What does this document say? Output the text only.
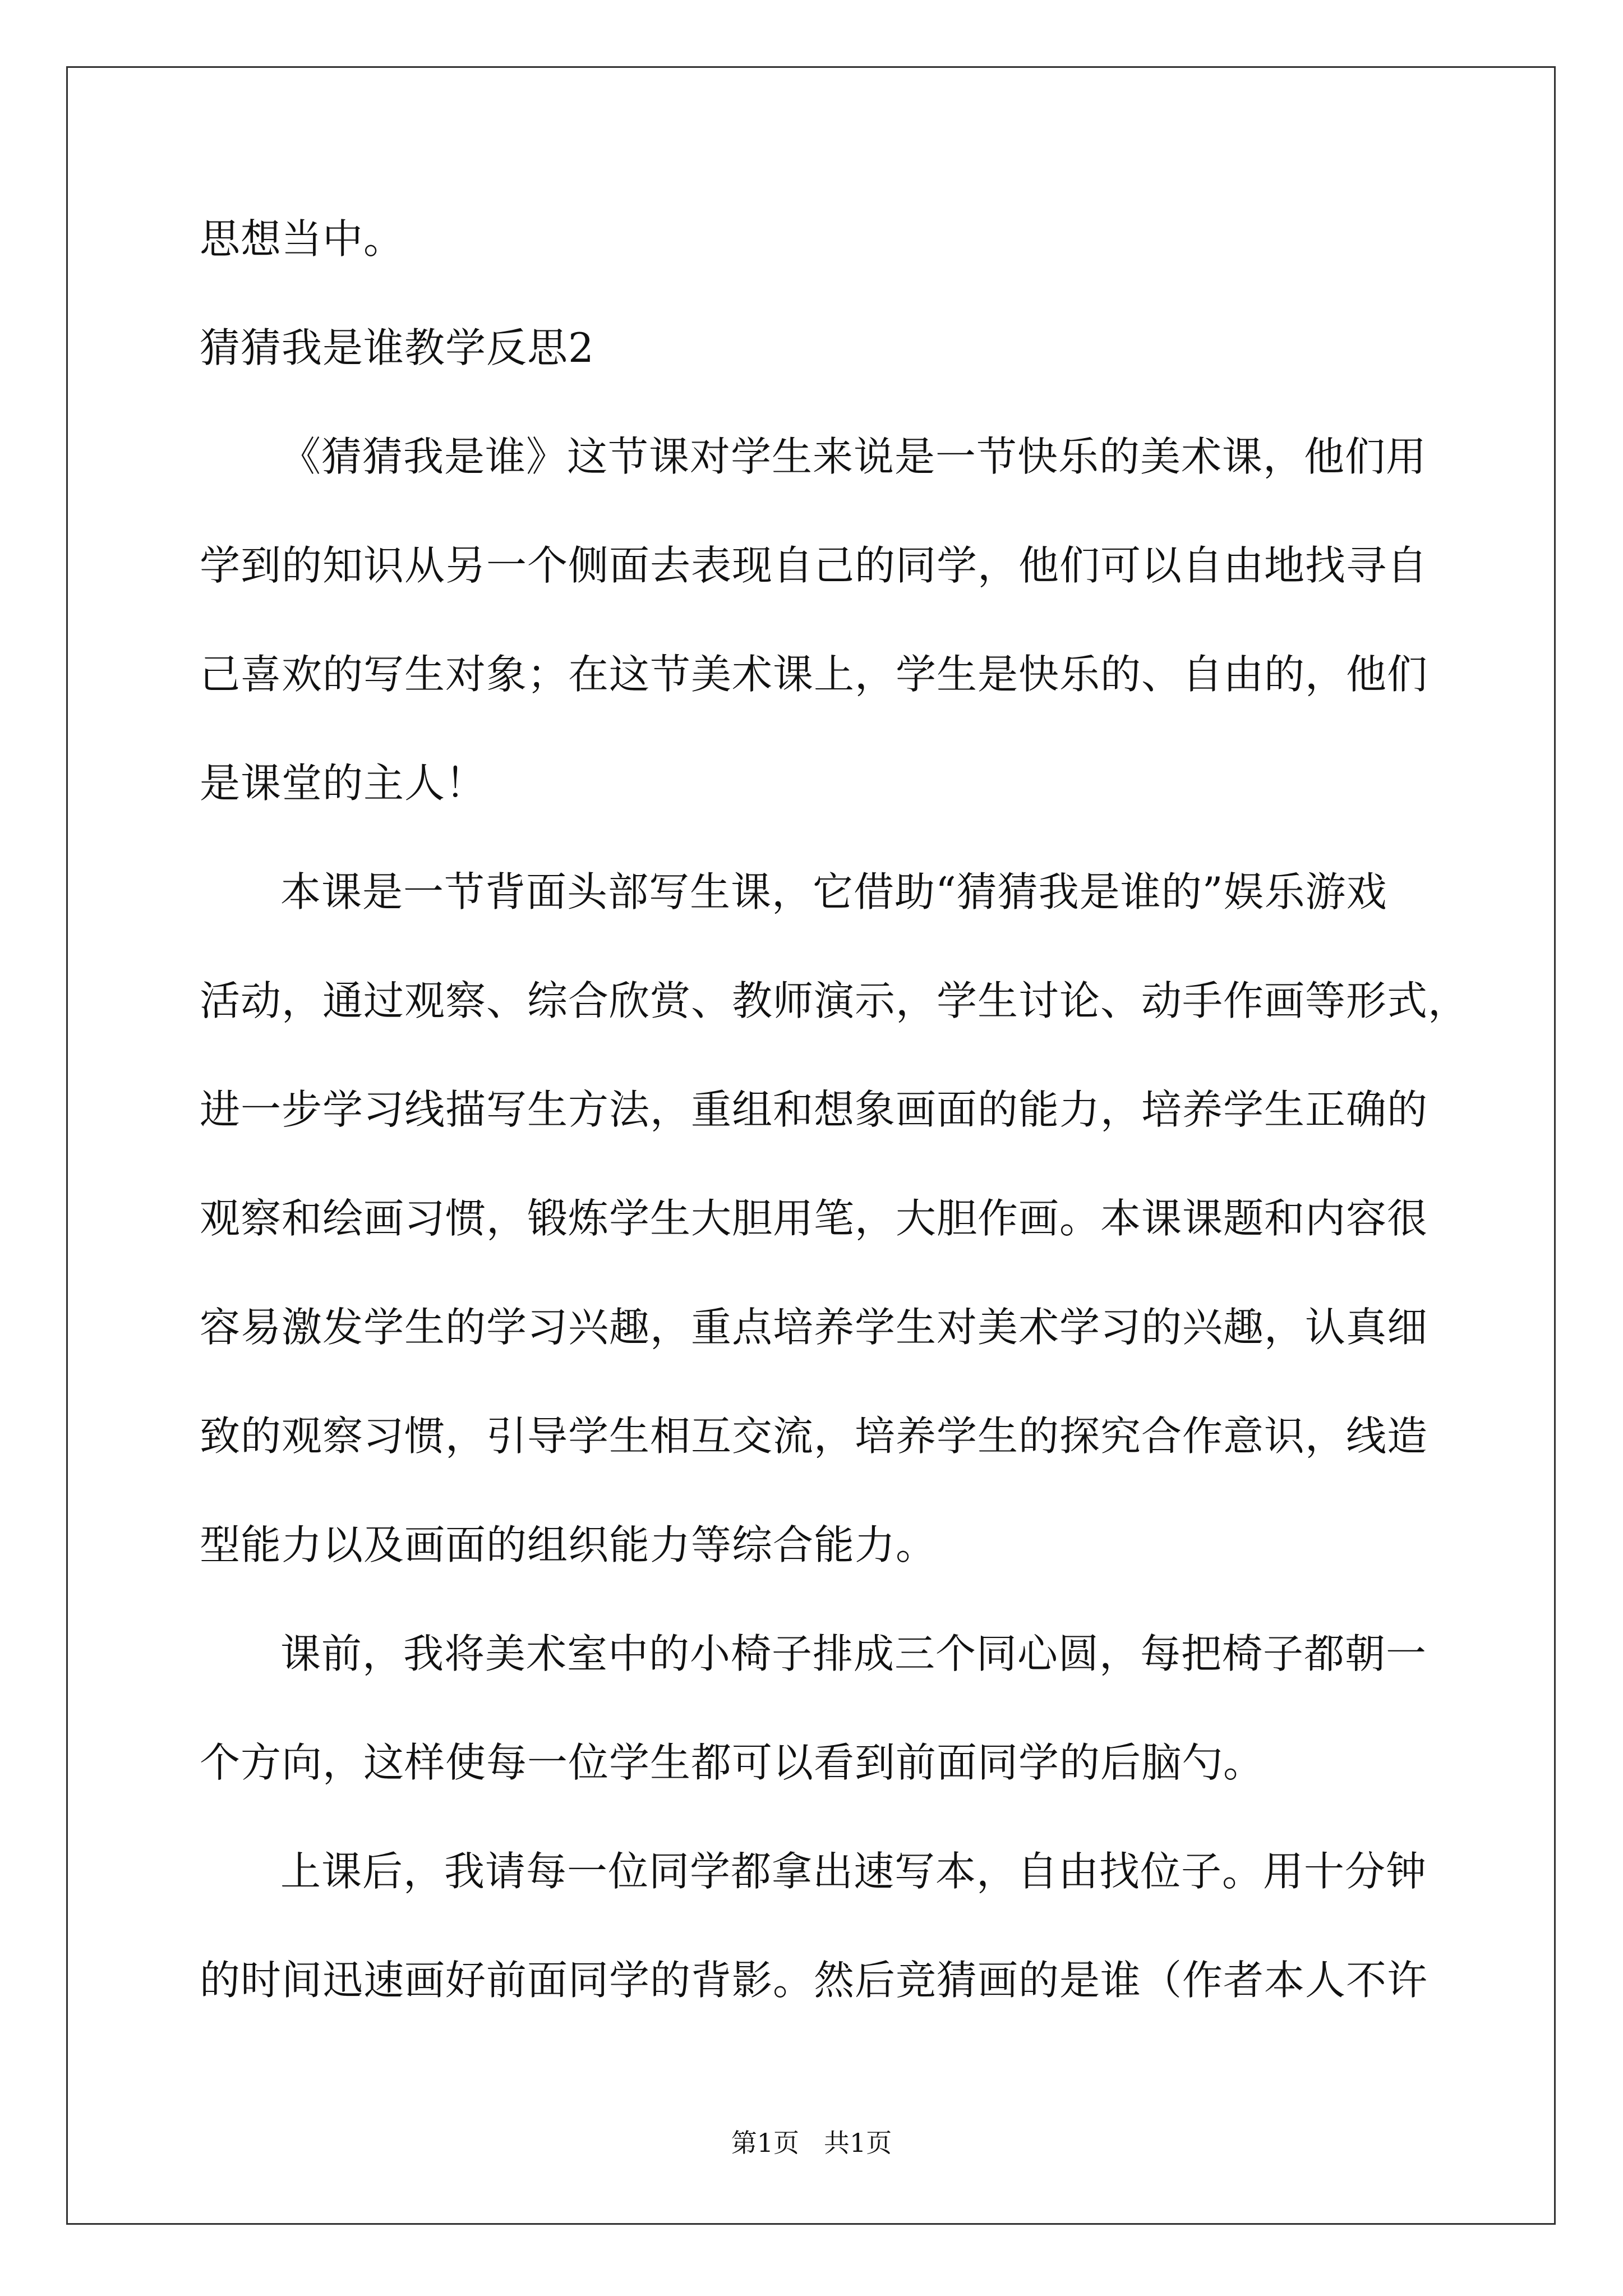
思想当中。
猜猜我是谁教学反思2
《猜猜我是谁》这节课对学生来说是一节快乐的美术课，他们用
学到的知识从另一个侧面去表现自己的同学，他们可以自由地找寻自
己喜欢的写生对象；在这节美术课上，学生是快乐的、自由的，他们
是课堂的主人！
本课是一节背面头部写生课，它借助“猜猜我是谁的”娱乐游戏
活动，通过观察、综合欣赏、教师演示，学生讨论、动手作画等形式，
进一步学习线描写生方法，重组和想象画面的能力，培养学生正确的
观察和绘画习惯，锻炼学生大胆用笔，大胆作画。本课课题和内容很
容易激发学生的学习兴趣，重点培养学生对美术学习的兴趣，认真细
致的观察习惯，引导学生相互交流，培养学生的探究合作意识，线造
型能力以及画面的组织能力等综合能力。
课前，我将美术室中的小椅子排成三个同心圆，每把椅子都朝一
个方向，这样使每一位学生都可以看到前面同学的后脑勺。
上课后，我请每一位同学都拿出速写本，自由找位子。用十分钟
的时间迅速画好前面同学的背影。然后竞猜画的是谁（作者本人不许
第1页 共1页
